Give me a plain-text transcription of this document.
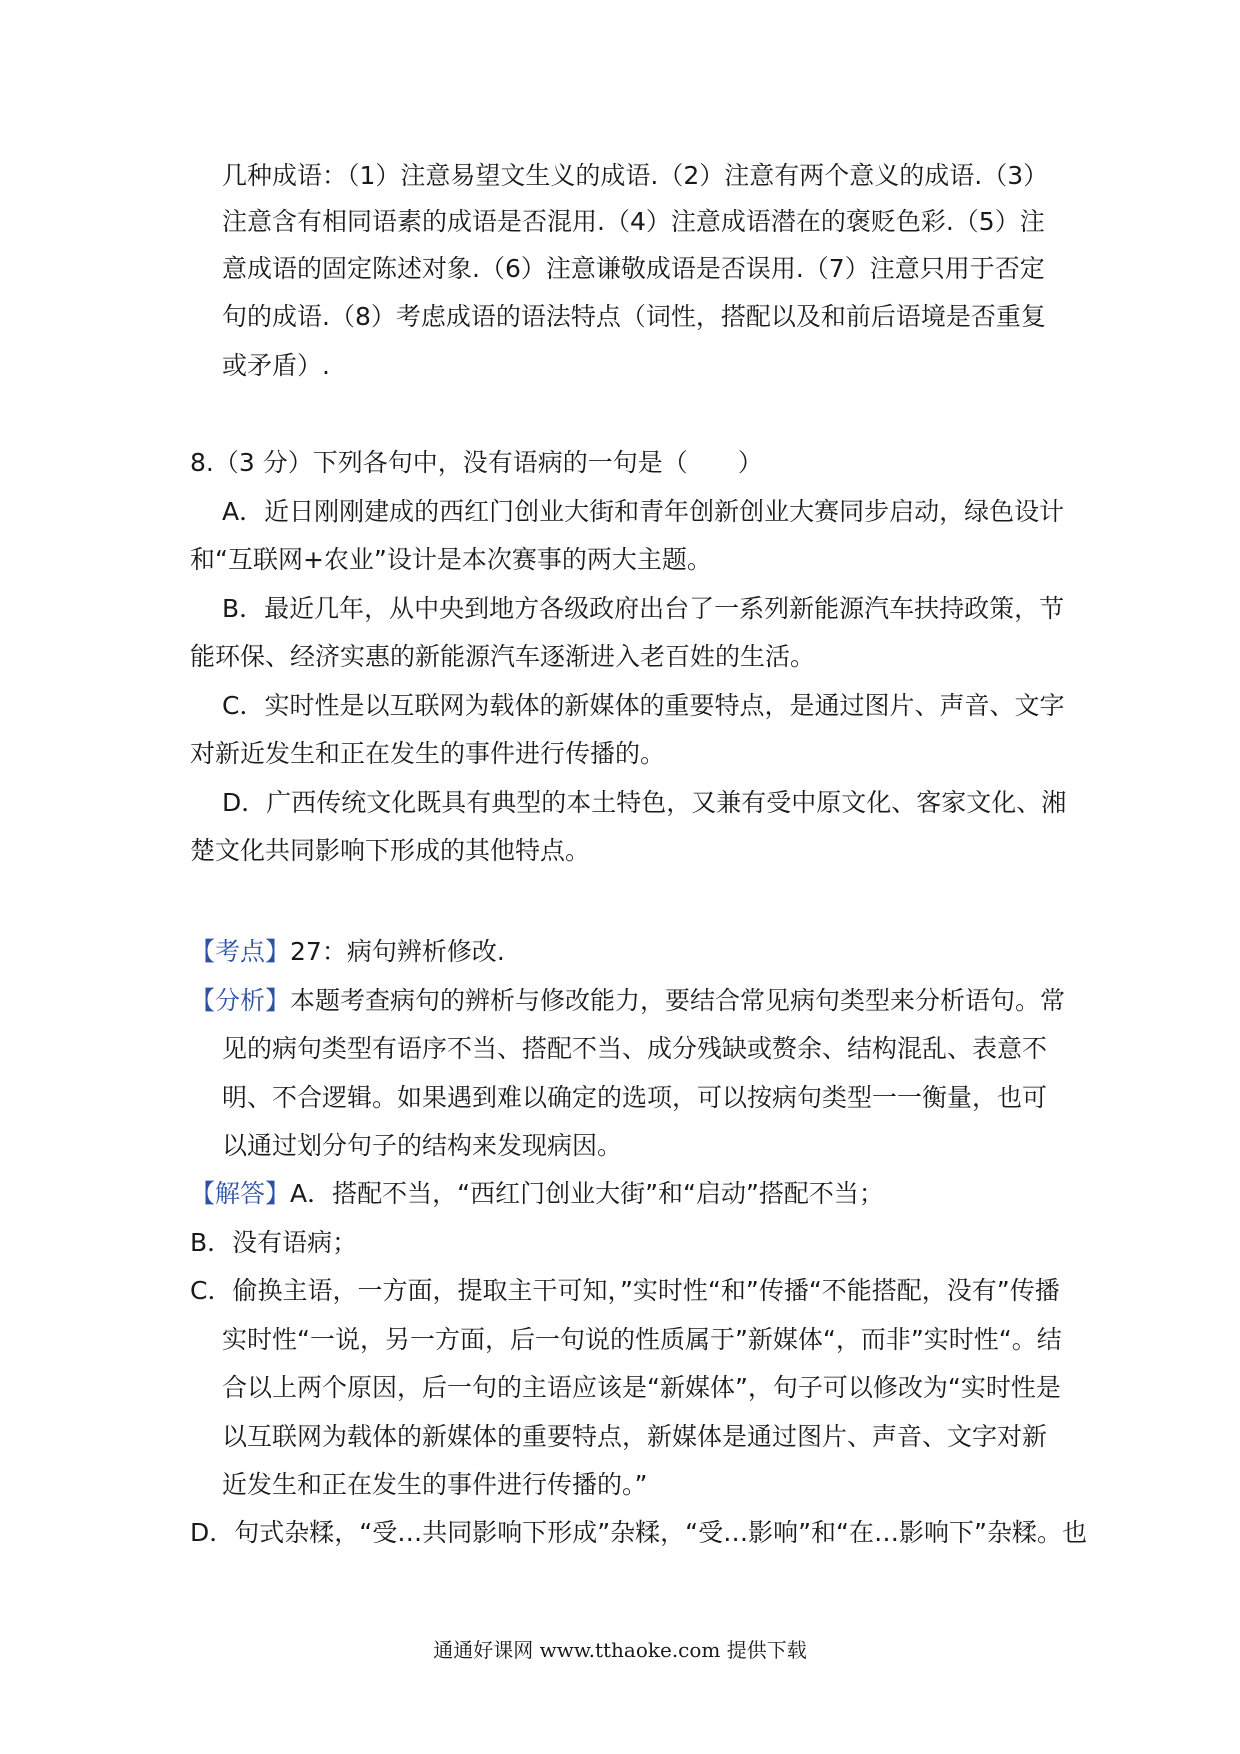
几种成语：（1）注意易望文生义的成语.（2）注意有两个意义的成语.（3）
注意含有相同语素的成语是否混用.（4）注意成语潜在的褒贬色彩.（5）注
意成语的固定陈述对象.（6）注意谦敬成语是否误用.（7）注意只用于否定
句的成语.（8）考虑成语的语法特点（词性，搭配以及和前后语境是否重复
或矛盾）.
8.（3 分）下列各句中，没有语病的一句是（　　）
A．近日刚刚建成的西红门创业大街和青年创新创业大赛同步启动，绿色设计
和“互联网+农业”设计是本次赛事的两大主题。
B．最近几年，从中央到地方各级政府出台了一系列新能源汽车扶持政策，节
能环保、经济实惠的新能源汽车逐渐进入老百姓的生活。
C．实时性是以互联网为载体的新媒体的重要特点，是通过图片、声音、文字
对新近发生和正在发生的事件进行传播的。
D．广西传统文化既具有典型的本土特色，又兼有受中原文化、客家文化、湘
楚文化共同影响下形成的其他特点。
【考点】27：病句辨析修改.
【分析】本题考查病句的辨析与修改能力，要结合常见病句类型来分析语句。常
见的病句类型有语序不当、搭配不当、成分残缺或赘余、结构混乱、表意不
明、不合逻辑。如果遇到难以确定的选项，可以按病句类型一一衡量，也可
以通过划分句子的结构来发现病因。
【解答】A．搭配不当，“西红门创业大街”和“启动”搭配不当；
B．没有语病；
C．偷换主语，一方面，提取主干可知，”实时性“和”传播“不能搭配，没有”传播
实时性“一说，另一方面，后一句说的性质属于”新媒体“，而非”实时性“。结
合以上两个原因，后一句的主语应该是“新媒体”，句子可以修改为“实时性是
以互联网为载体的新媒体的重要特点，新媒体是通过图片、声音、文字对新
近发生和正在发生的事件进行传播的。”
D．句式杂糅，“受…共同影响下形成”杂糅，“受…影响”和“在…影响下”杂糅。也
通通好课网 www.tthaoke.com 提供下载
